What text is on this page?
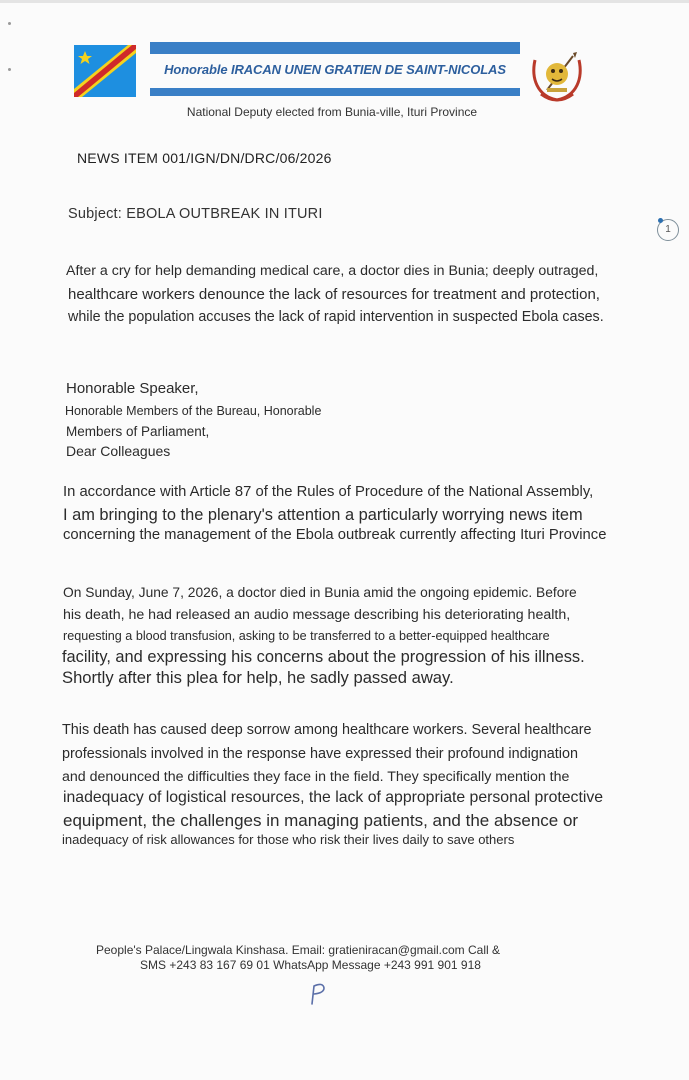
Honorable IRACAN UNEN GRATIEN DE SAINT-NICOLAS
National Deputy elected from Bunia-ville, Ituri Province
NEWS ITEM 001/IGN/DN/DRC/06/2026
Subject: EBOLA OUTBREAK IN ITURI
1
After a cry for help demanding medical care, a doctor dies in Bunia; deeply outraged,
healthcare workers denounce the lack of resources for treatment and protection,
while the population accuses the lack of rapid intervention in suspected Ebola cases.
Honorable Speaker,
Honorable Members of the Bureau, Honorable
Members of Parliament,
Dear Colleagues
In accordance with Article 87 of the Rules of Procedure of the National Assembly,
I am bringing to the plenary's attention a particularly worrying news item
concerning the management of the Ebola outbreak currently affecting Ituri Province
On Sunday, June 7, 2026, a doctor died in Bunia amid the ongoing epidemic. Before
his death, he had released an audio message describing his deteriorating health,
requesting a blood transfusion, asking to be transferred to a better-equipped healthcare
facility, and expressing his concerns about the progression of his illness.
Shortly after this plea for help, he sadly passed away.
This death has caused deep sorrow among healthcare workers. Several healthcare
professionals involved in the response have expressed their profound indignation
and denounced the difficulties they face in the field. They specifically mention the
inadequacy of logistical resources, the lack of appropriate personal protective
equipment, the challenges in managing patients, and the absence or
inadequacy of risk allowances for those who risk their lives daily to save others
People's Palace/Lingwala Kinshasa. Email: gratieniracan@gmail.com Call &
SMS +243 83 167 69 01 WhatsApp Message +243 991 901 918
